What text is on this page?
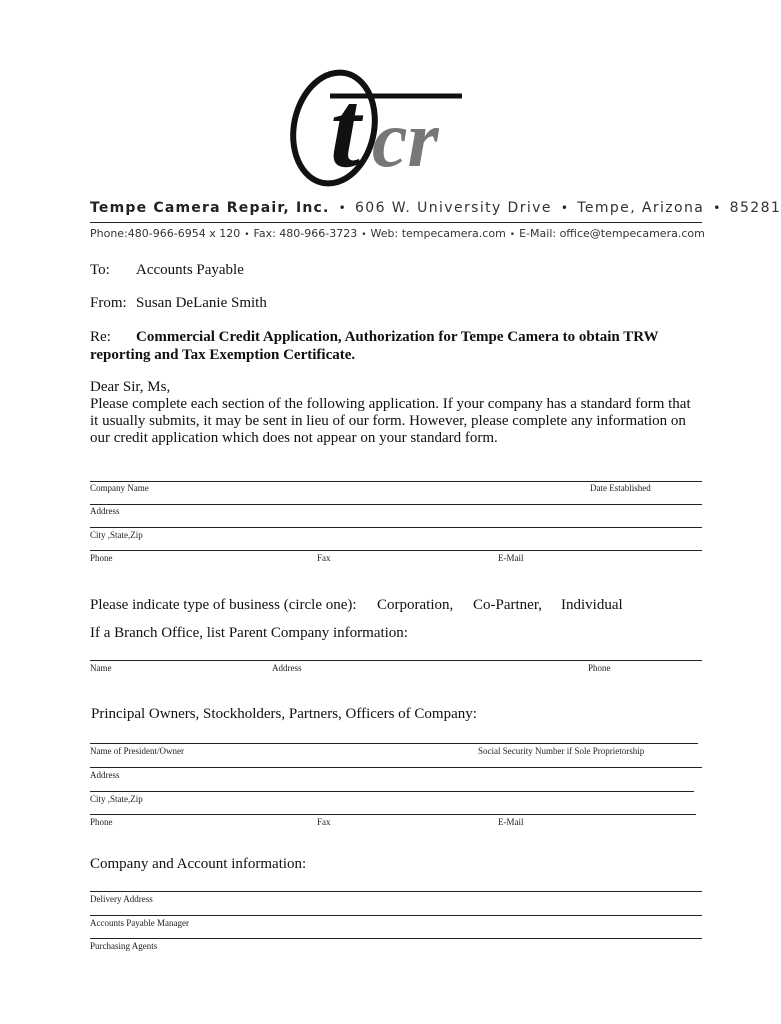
t cr
Tempe Camera Repair, Inc. • 606 W. University Drive • Tempe, Arizona • 85281
Phone:480-966-6954 x 120 • Fax: 480-966-3723 • Web: tempecamera.com • E-Mail: office@tempecamera.com
To: Accounts Payable
From: Susan DeLanie Smith
Re: Commercial Credit Application, Authorization for Tempe Camera to obtain TRW reporting and Tax Exemption Certificate.
Dear Sir, Ms,
Please complete each section of the following application. If your company has a standard form that it usually submits, it may be sent in lieu of our form. However, please complete any information on our credit application which does not appear on your standard form.
Company Name	Date Established
Address
City ,State,Zip
Phone	Fax	E-Mail
Please indicate type of business (circle one): Corporation, Co-Partner, Individual
If a Branch Office, list Parent Company information:
Name	Address	Phone
Principal Owners, Stockholders, Partners, Officers of Company:
Name of President/Owner	Social Security Number if Sole Proprietorship
Address
City ,State,Zip
Phone	Fax	E-Mail
Company and Account information:
Delivery Address
Accounts Payable Manager
Purchasing Agents
